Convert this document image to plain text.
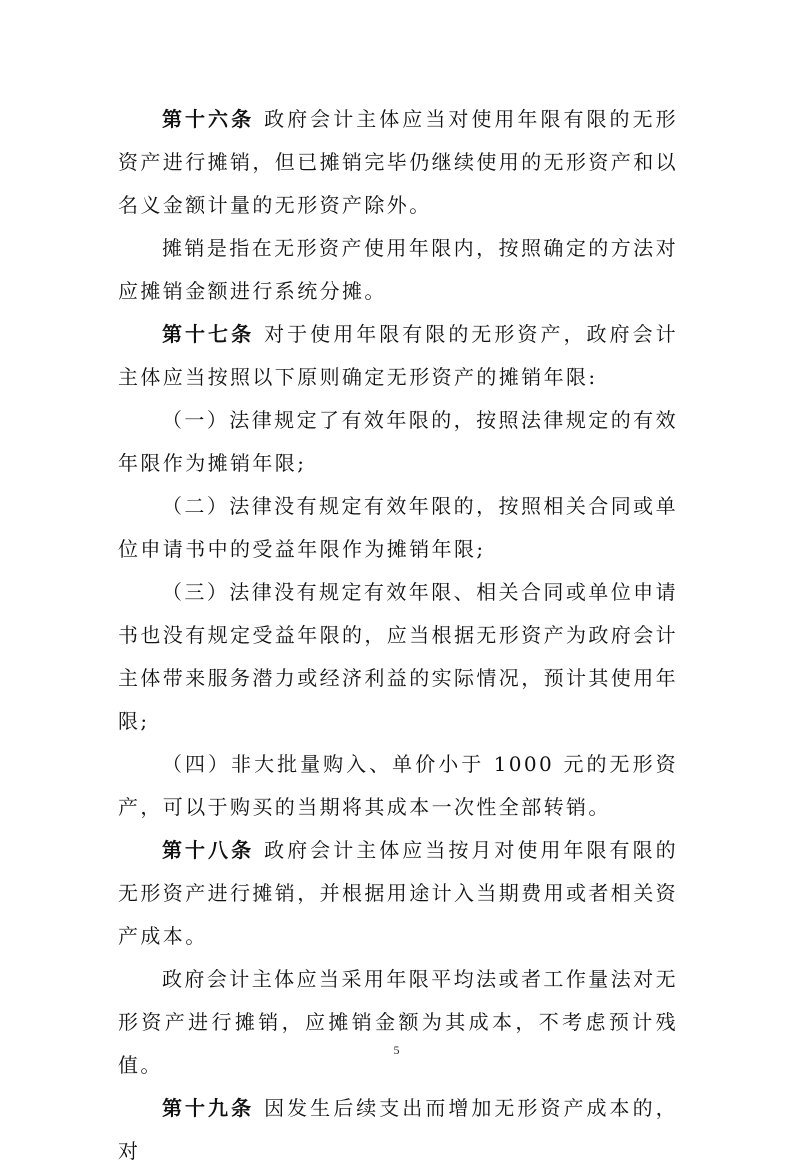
第十六条 政府会计主体应当对使用年限有限的无形资产进行摊销，但已摊销完毕仍继续使用的无形资产和以名义金额计量的无形资产除外。

摊销是指在无形资产使用年限内，按照确定的方法对应摊销金额进行系统分摊。

第十七条 对于使用年限有限的无形资产，政府会计主体应当按照以下原则确定无形资产的摊销年限:

（一）法律规定了有效年限的，按照法律规定的有效年限作为摊销年限;

（二）法律没有规定有效年限的，按照相关合同或单位申请书中的受益年限作为摊销年限;

（三）法律没有规定有效年限、相关合同或单位申请书也没有规定受益年限的，应当根据无形资产为政府会计主体带来服务潜力或经济利益的实际情况，预计其使用年限;

（四）非大批量购入、单价小于 1000 元的无形资产，可以于购买的当期将其成本一次性全部转销。

第十八条 政府会计主体应当按月对使用年限有限的无形资产进行摊销，并根据用途计入当期费用或者相关资产成本。

政府会计主体应当采用年限平均法或者工作量法对无形资产进行摊销，应摊销金额为其成本，不考虑预计残值。

第十九条 因发生后续支出而增加无形资产成本的，对

5
